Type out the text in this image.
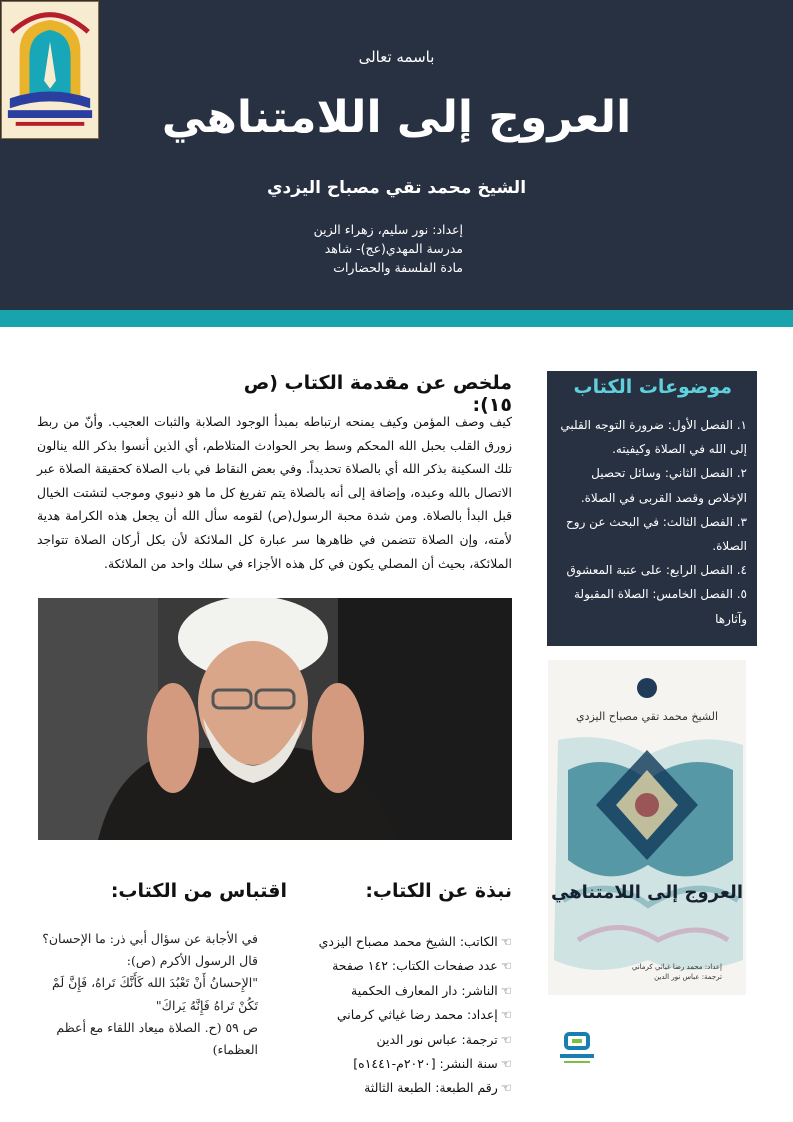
باسمه تعالى
العروج إلى اللامتناهي
الشيخ محمد تقي مصباح اليزدي
إعداد: نور سليم، زهراء الزين
مدرسة المهدي(عج)- شاهد
مادة الفلسفة والحضارات
ملخص عن مقدمة الكتاب (ص ١٥):
كيف وصف المؤمن وكيف يمنحه ارتباطه بمبدأ الوجود الصلابة والثبات العجيب. وأنّ من ربط زورق القلب بحبل الله المحكم وسط بحر الحوادث المتلاطم، أي الذين أنسوا بذكر الله ينالون تلك السكينة بذكر الله أي بالصلاة تحديداً. وفي بعض النقاط في باب الصلاة كحقيقة الصلاة عبر الاتصال بالله وعبده، وإضافة إلى أنه بالصلاة يتم تفريغ كل ما هو دنيوي وموجب لتشتت الخيال قبل البدأ بالصلاة. ومن شدة محبة الرسول(ص) لقومه سأل الله أن يجعل هذه الكرامة هدية لأمته، وإن الصلاة تتضمن في ظاهرها سر عبارة كل الملائكة لأن بكل أركان الصلاة تتواجد الملائكة، بحيث أن المصلي يكون في كل هذه الأجزاء في سلك واحد من الملائكة.
موضوعات الكتاب
١. الفصل الأول: ضرورة التوجه القلبي إلى الله في الصلاة وكيفيته.
٢. الفصل الثاني: وسائل تحصيل الإخلاص وقصد القربى في الصلاة.
٣. الفصل الثالث: في البحث عن روح الصلاة.
٤. الفصل الرابع: على عتبة المعشوق
٥. الفصل الخامس: الصلاة المقبولة وآثارها
الشيخ محمد تقي مصباح اليزدي
العروج إلى اللامتناهي
إعداد: محمد رضا غياثي كرماني
ترجمة: عباس نور الدين
نبذة عن الكتاب:
☜الكاتب: الشيخ محمد مصباح اليزدي
☜عدد صفحات الكتاب: ١٤٢ صفحة
☜الناشر: دار المعارف الحكمية
☜إعداد: محمد رضا غياثي كرماني
☜ترجمة: عباس نور الدين
☜سنة النشر: [٢٠٢٠م-١٤٤١ه]
☜رقم الطبعة: الطبعة الثالثة
اقتباس من الكتاب:

في الأجابة عن سؤال أبي ذر: ما الإحسان؟

قال الرسول الأكرم (ص):

"الإِحسانُ أَنْ تَعْبُدَ الله كَأَنَّكَ تَراهُ، فَإِنَّ لَمْ تَكُنْ تَراهُ فَإِنَّهُ يَراكَ"

ص ٥٩ (ح. الصلاة ميعاد اللقاء مع أعظم العظماء)
